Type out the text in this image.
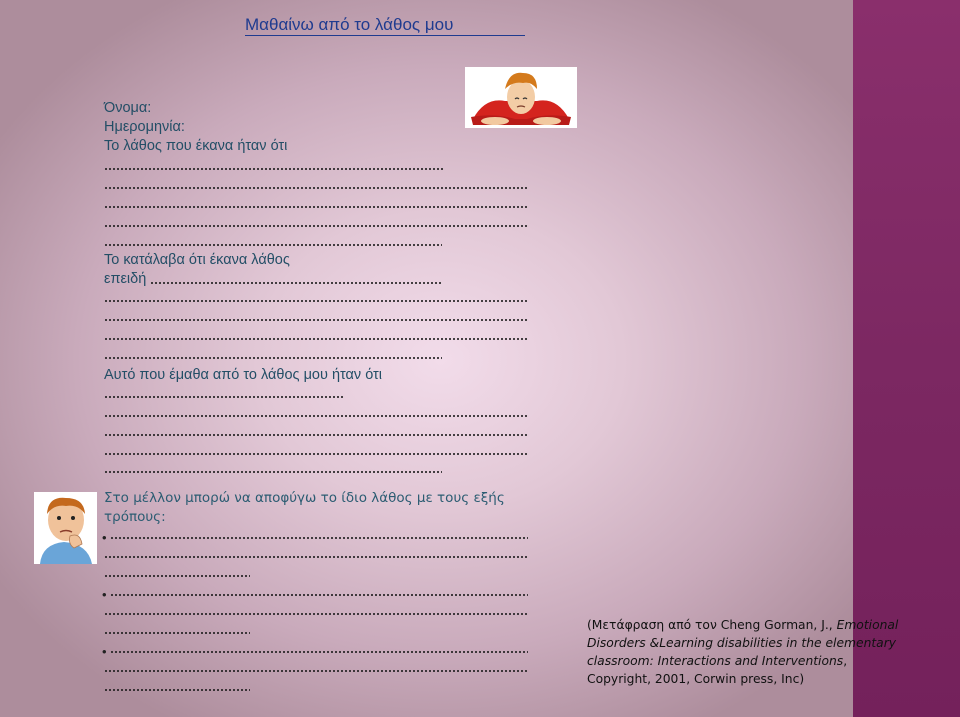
Μαθαίνω από το λάθος μου
Όνομα:
Ημερομηνία:
Το λάθος που έκανα ήταν ότι
Το κατάλαβα ότι έκανα λάθος
επειδή
Αυτό που έμαθα από το λάθος μου ήταν ότι
Στο μέλλον μπορώ να αποφύγω το ίδιο λάθος με τους εξής
τρόπους:
•
•
•
(Μετάφραση από τον Cheng Gorman, J., Emotional Disorders &Learning disabilities in the elementary classroom: Interactions and Interventions, Copyright, 2001, Corwin press, Inc)
